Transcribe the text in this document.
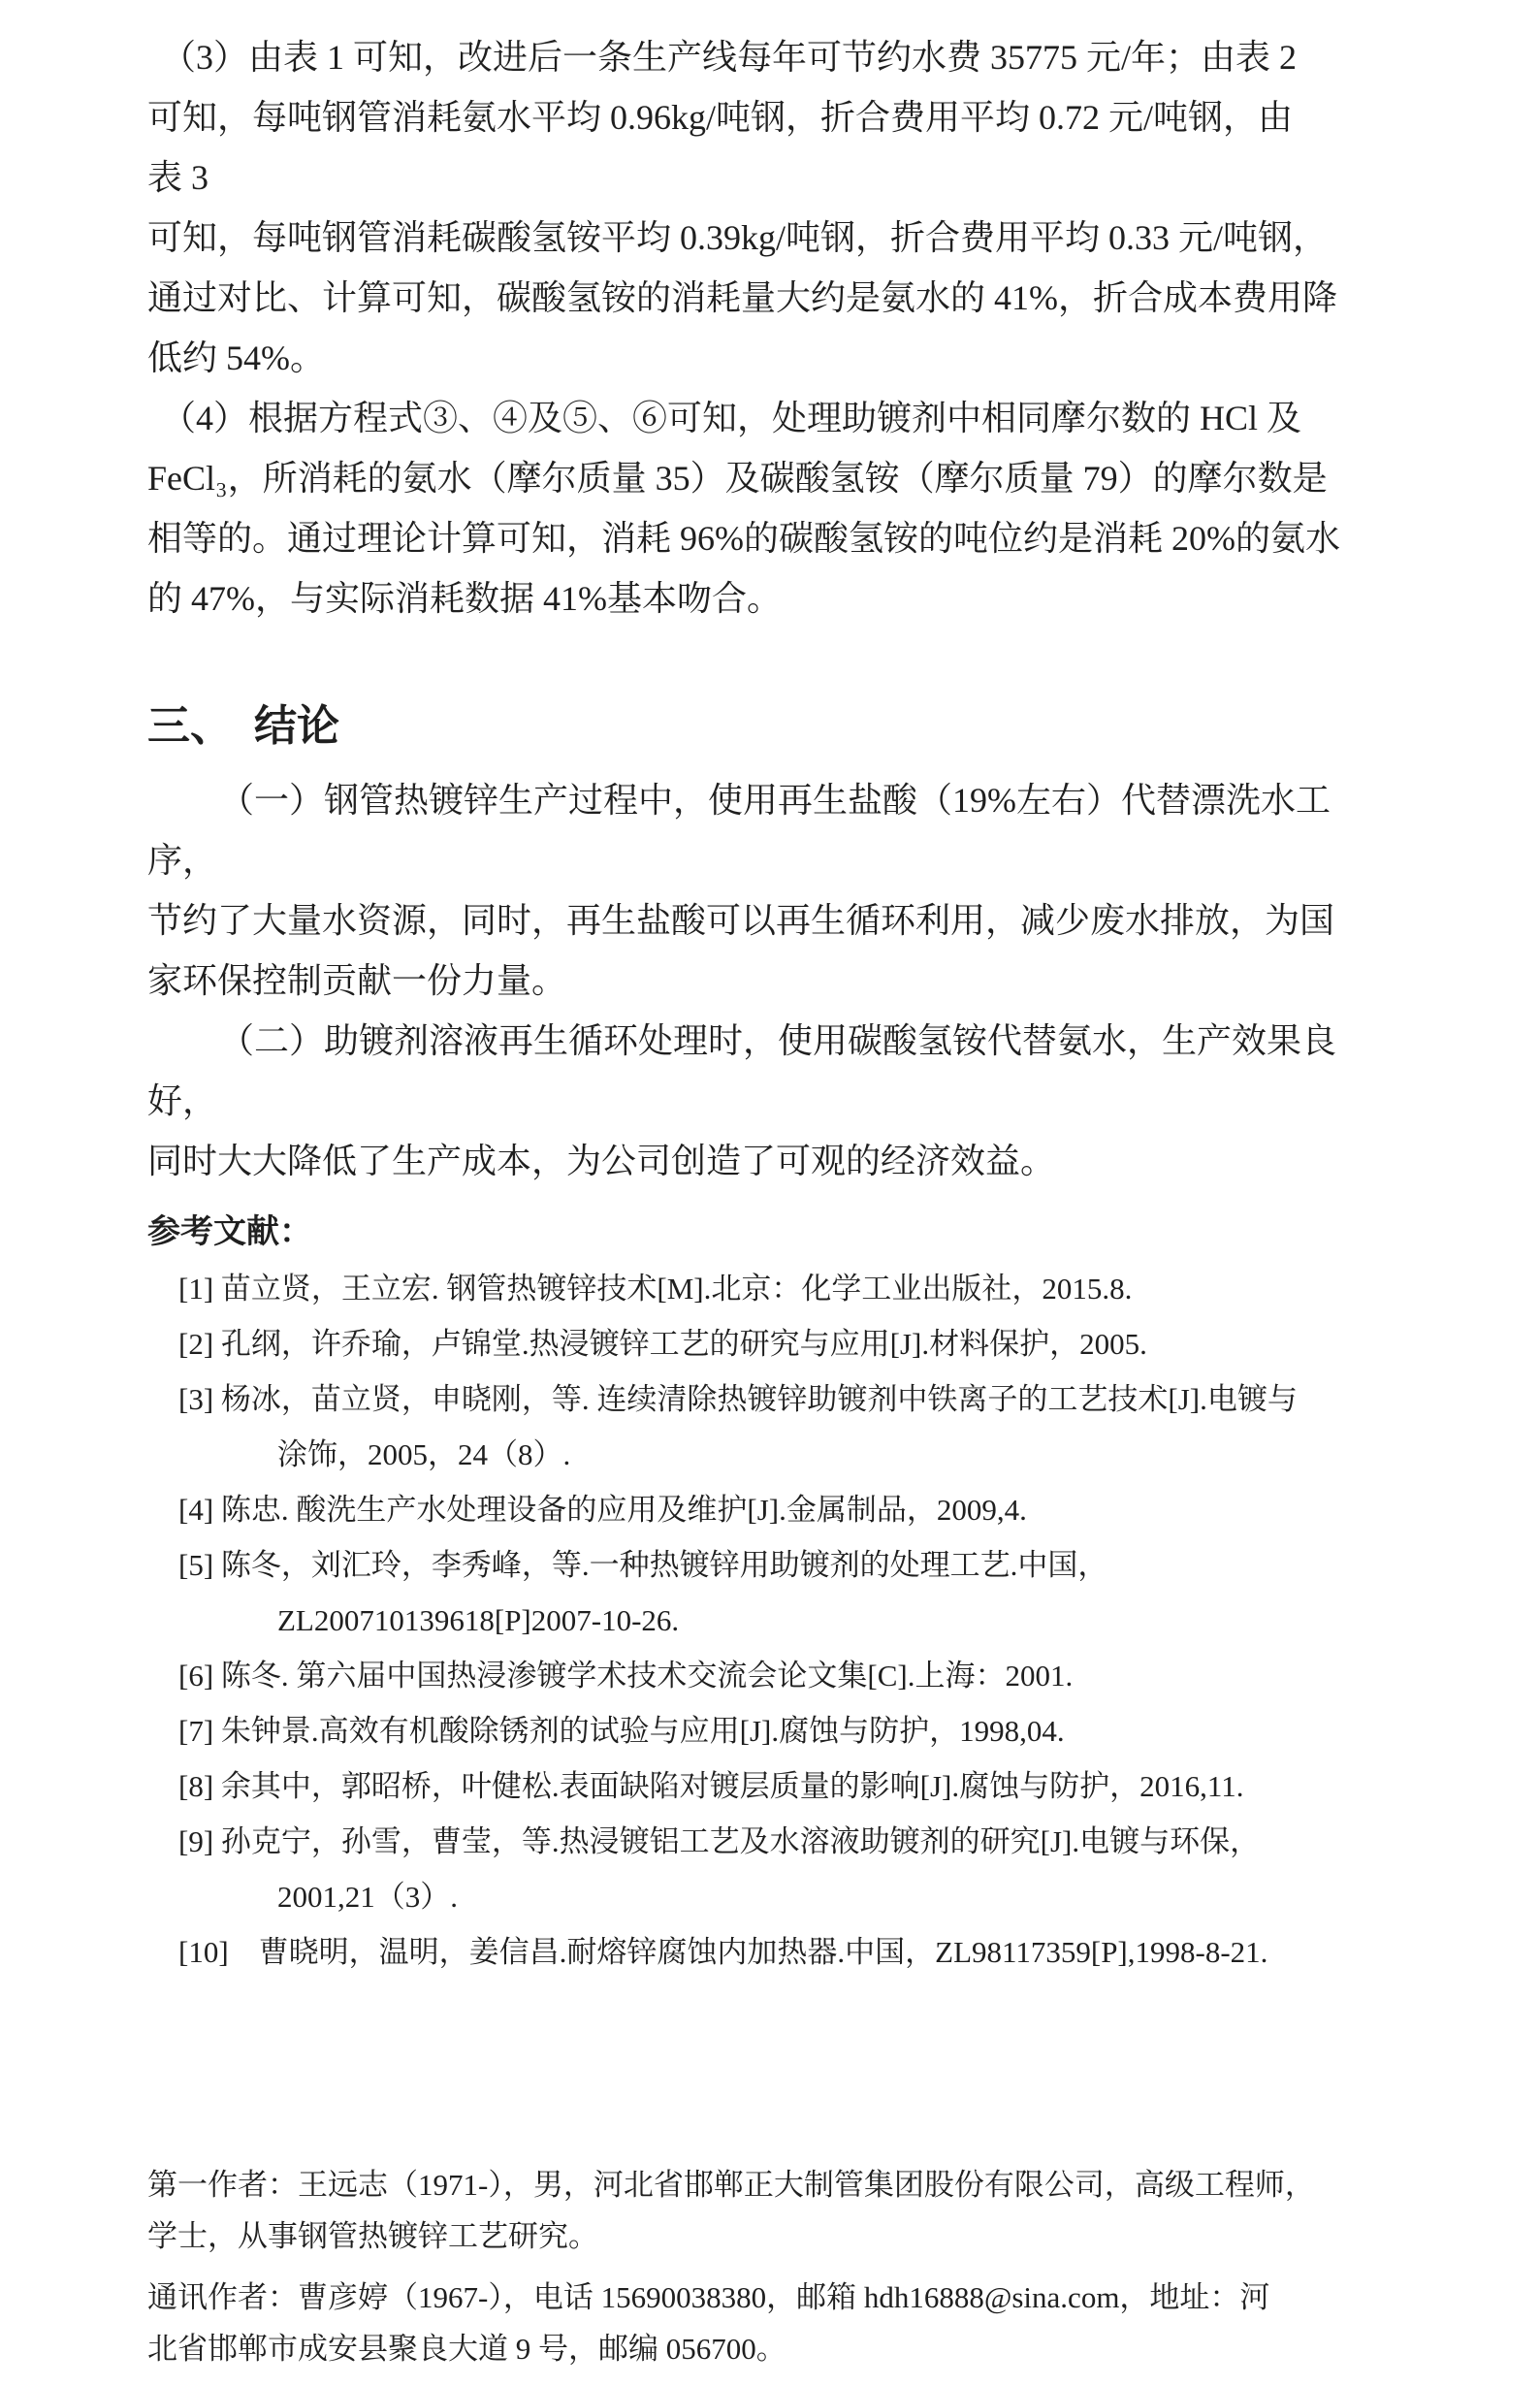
（3）由表 1 可知，改进后一条生产线每年可节约水费 35775 元/年；由表 2
可知，每吨钢管消耗氨水平均 0.96kg/吨钢，折合费用平均 0.72 元/吨钢，由
表 3
可知，每吨钢管消耗碳酸氢铵平均 0.39kg/吨钢，折合费用平均 0.33 元/吨钢，
通过对比、计算可知，碳酸氢铵的消耗量大约是氨水的 41%，折合成本费用降
低约 54%。
（4）根据方程式③、④及⑤、⑥可知，处理助镀剂中相同摩尔数的 HCl 及
FeCl₃，所消耗的氨水（摩尔质量 35）及碳酸氢铵（摩尔质量 79）的摩尔数是
相等的。通过理论计算可知，消耗 96%的碳酸氢铵的吨位约是消耗 20%的氨水
的 47%，与实际消耗数据 41%基本吻合。
三、　结论
（一）钢管热镀锌生产过程中，使用再生盐酸（19%左右）代替漂洗水工序，
节约了大量水资源，同时，再生盐酸可以再生循环利用，减少废水排放，为国
家环保控制贡献一份力量。
（二）助镀剂溶液再生循环处理时，使用碳酸氢铵代替氨水，生产效果良好，
同时大大降低了生产成本，为公司创造了可观的经济效益。
参考文献：
[1] 苗立贤，王立宏. 钢管热镀锌技术[M].北京：化学工业出版社，2015.8.
[2] 孔纲，许乔瑜，卢锦堂.热浸镀锌工艺的研究与应用[J].材料保护，2005.
[3] 杨冰，苗立贤，申晓刚，等. 连续清除热镀锌助镀剂中铁离子的工艺技术[J].电镀与
涂饰，2005，24（8）.
[4] 陈忠. 酸洗生产水处理设备的应用及维护[J].金属制品，2009,4.
[5] 陈冬，刘汇玲，李秀峰，等.一种热镀锌用助镀剂的处理工艺.中国，
ZL200710139618[P]2007-10-26.
[6] 陈冬. 第六届中国热浸渗镀学术技术交流会论文集[C].上海：2001.
[7] 朱钟景.高效有机酸除锈剂的试验与应用[J].腐蚀与防护，1998,04.
[8] 余其中，郭昭桥，叶健松.表面缺陷对镀层质量的影响[J].腐蚀与防护，2016,11.
[9] 孙克宁，孙雪，曹莹，等.热浸镀铝工艺及水溶液助镀剂的研究[J].电镀与环保，
2001,21（3）.
[10]　曹晓明，温明，姜信昌.耐熔锌腐蚀内加热器.中国，ZL98117359[P],1998-8-21.
第一作者：王远志（1971-），男，河北省邯郸正大制管集团股份有限公司，高级工程师，
学士，从事钢管热镀锌工艺研究。
通讯作者：曹彦婷（1967-），电话 15690038380，邮箱 hdh16888@sina.com，地址：河
北省邯郸市成安县聚良大道 9 号，邮编 056700。
